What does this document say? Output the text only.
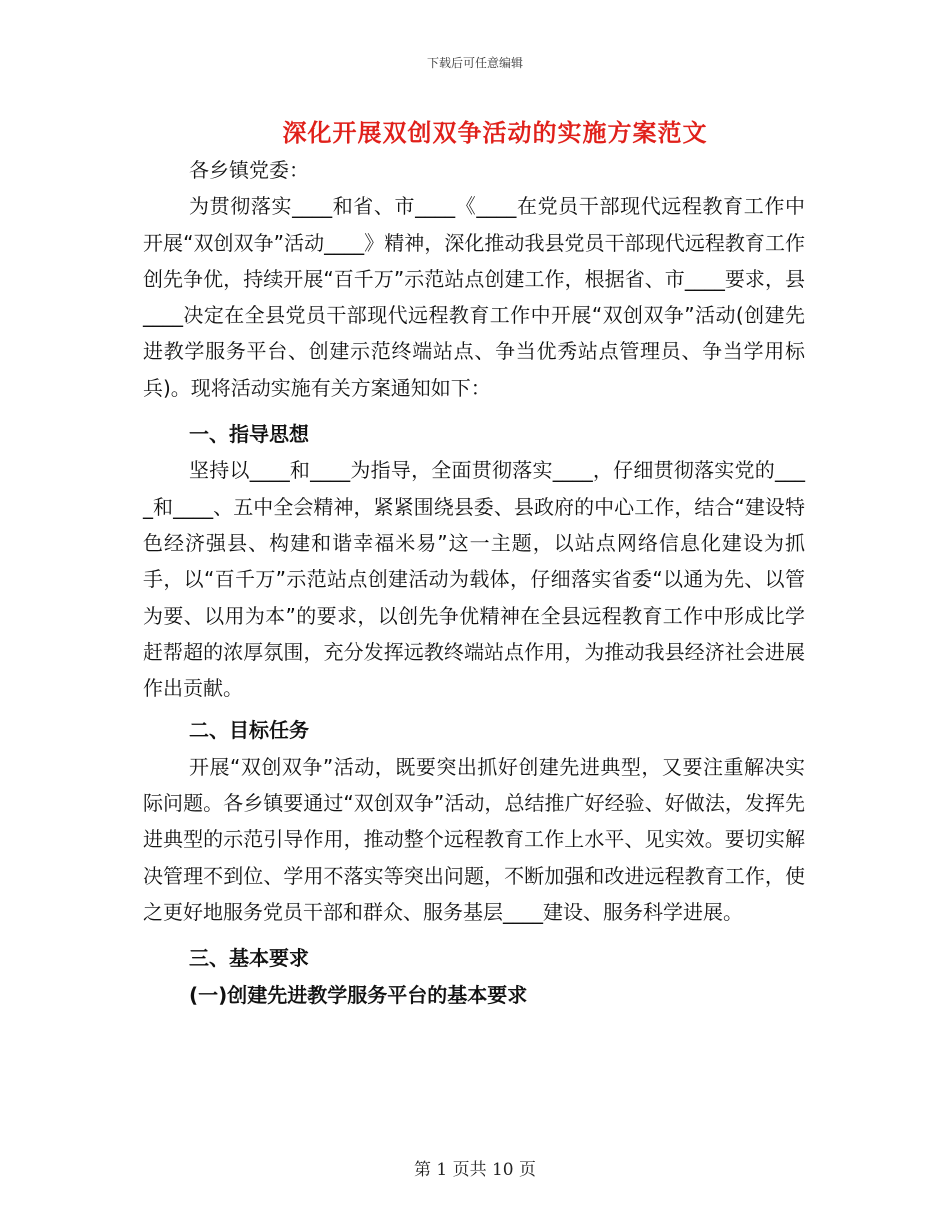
下载后可任意编辑
深化开展双创双争活动的实施方案范文

各乡镇党委：

为贯彻落实____和省、市____《____在党员干部现代远程教育工作中开展“双创双争”活动____》精神，深化推动我县党员干部现代远程教育工作创先争优，持续开展“百千万”示范站点创建工作，根据省、市____要求，县____决定在全县党员干部现代远程教育工作中开展“双创双争”活动(创建先进教学服务平台、创建示范终端站点、争当优秀站点管理员、争当学用标兵)。现将活动实施有关方案通知如下：

一、指导思想

坚持以____和____为指导，全面贯彻落实____，仔细贯彻落实党的____和____、五中全会精神，紧紧围绕县委、县政府的中心工作，结合“建设特色经济强县、构建和谐幸福米易”这一主题，以站点网络信息化建设为抓手，以“百千万”示范站点创建活动为载体，仔细落实省委“以通为先、以管为要、以用为本”的要求，以创先争优精神在全县远程教育工作中形成比学赶帮超的浓厚氛围，充分发挥远教终端站点作用，为推动我县经济社会进展作出贡献。

二、目标任务

开展“双创双争”活动，既要突出抓好创建先进典型，又要注重解决实际问题。各乡镇要通过“双创双争”活动，总结推广好经验、好做法，发挥先进典型的示范引导作用，推动整个远程教育工作上水平、见实效。要切实解决管理不到位、学用不落实等突出问题，不断加强和改进远程教育工作，使之更好地服务党员干部和群众、服务基层____建设、服务科学进展。

三、基本要求

(一)创建先进教学服务平台的基本要求

第 1 页共 10 页
